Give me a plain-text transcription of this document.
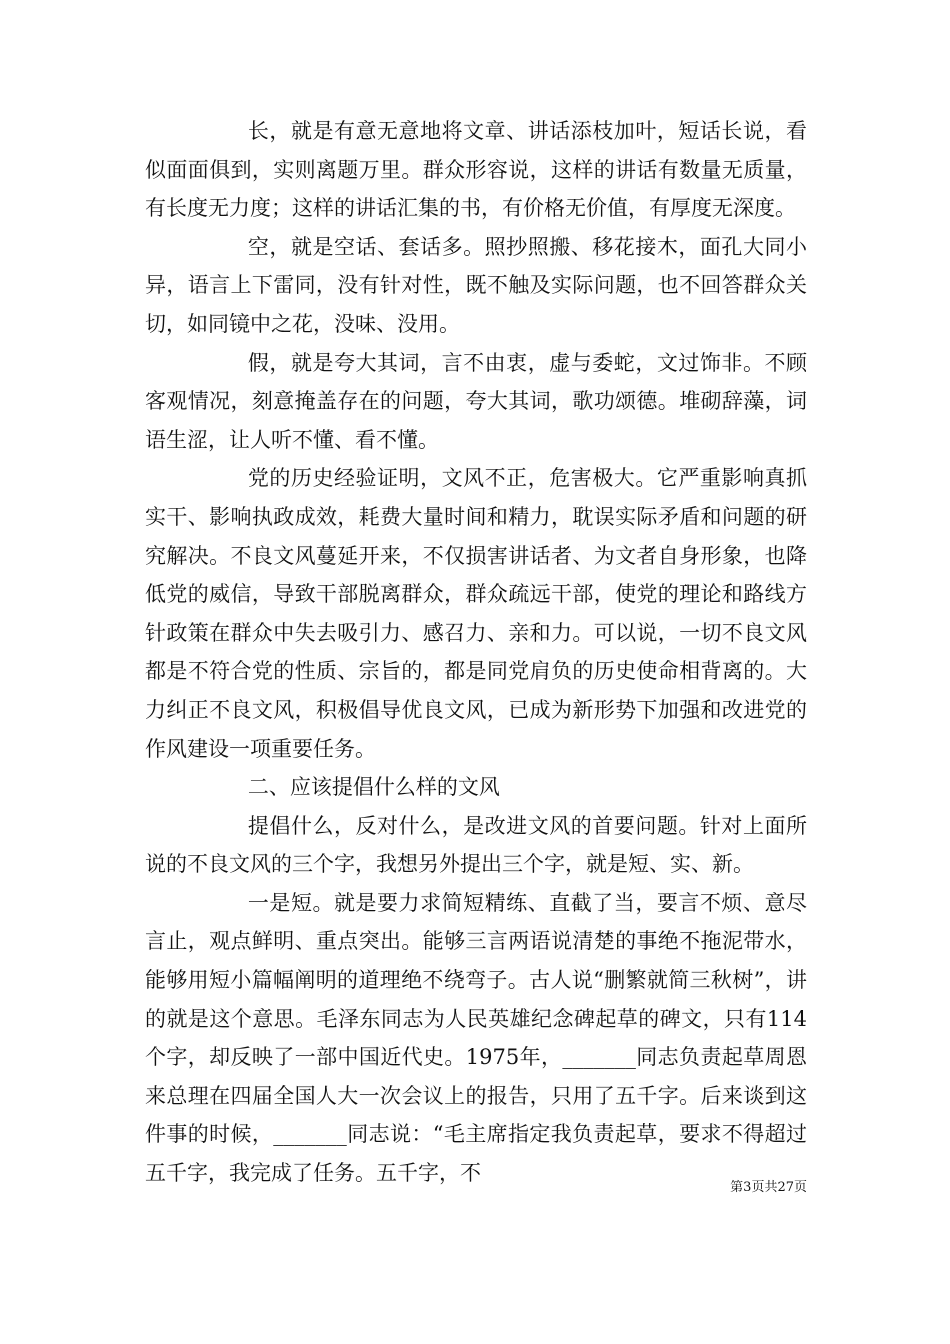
长，就是有意无意地将文章、讲话添枝加叶，短话长说，看似面面俱到，实则离题万里。群众形容说，这样的讲话有数量无质量，有长度无力度；这样的讲话汇集的书，有价格无价值，有厚度无深度。

空，就是空话、套话多。照抄照搬、移花接木，面孔大同小异，语言上下雷同，没有针对性，既不触及实际问题，也不回答群众关切，如同镜中之花，没味、没用。

假，就是夸大其词，言不由衷，虚与委蛇，文过饰非。不顾客观情况，刻意掩盖存在的问题，夸大其词，歌功颂德。堆砌辞藻，词语生涩，让人听不懂、看不懂。

党的历史经验证明，文风不正，危害极大。它严重影响真抓实干、影响执政成效，耗费大量时间和精力，耽误实际矛盾和问题的研究解决。不良文风蔓延开来，不仅损害讲话者、为文者自身形象，也降低党的威信，导致干部脱离群众，群众疏远干部，使党的理论和路线方针政策在群众中失去吸引力、感召力、亲和力。可以说，一切不良文风都是不符合党的性质、宗旨的，都是同党肩负的历史使命相背离的。大力纠正不良文风，积极倡导优良文风，已成为新形势下加强和改进党的作风建设一项重要任务。

二、应该提倡什么样的文风

提倡什么，反对什么，是改进文风的首要问题。针对上面所说的不良文风的三个字，我想另外提出三个字，就是短、实、新。

一是短。就是要力求简短精练、直截了当，要言不烦、意尽言止，观点鲜明、重点突出。能够三言两语说清楚的事绝不拖泥带水，能够用短小篇幅阐明的道理绝不绕弯子。古人说“删繁就简三秋树”，讲的就是这个意思。毛泽东同志为人民英雄纪念碑起草的碑文，只有114个字，却反映了一部中国近代史。1975年，_______同志负责起草周恩来总理在四届全国人大一次会议上的报告，只用了五千字。后来谈到这件事的时候，_______同志说：“毛主席指定我负责起草，要求不得超过五千字，我完成了任务。五千字，不

第3页共27页
